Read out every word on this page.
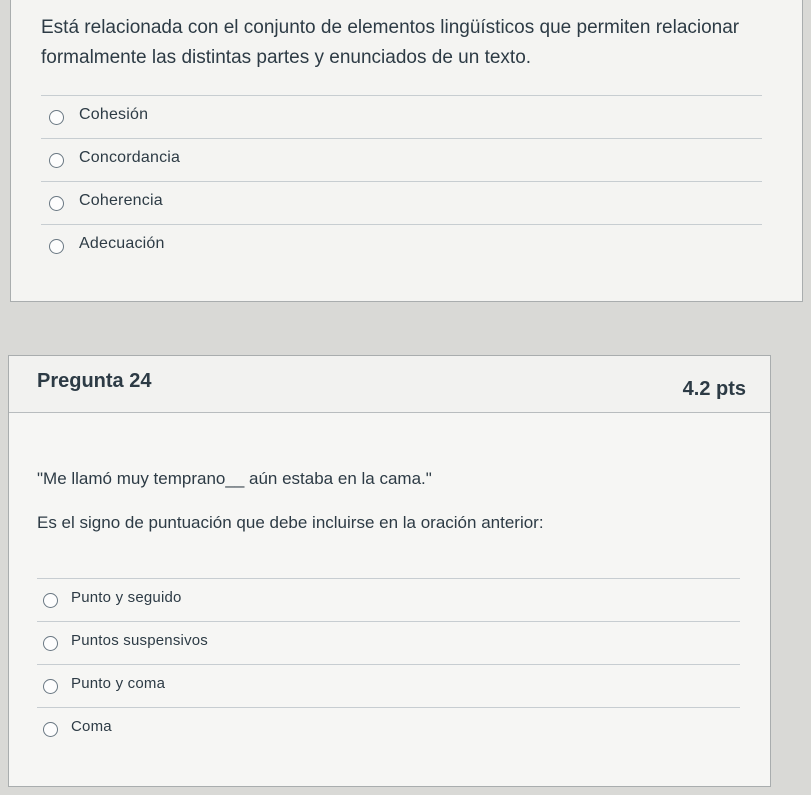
Está relacionada con el conjunto de elementos lingüísticos que permiten relacionar formalmente las distintas partes y enunciados de un texto.
Cohesión
Concordancia
Coherencia
Adecuación
Pregunta 24	4.2 pts
"Me llamó muy temprano__ aún estaba en la cama."
Es el signo de puntuación que debe incluirse en la oración anterior:
Punto y seguido
Puntos suspensivos
Punto y coma
Coma
